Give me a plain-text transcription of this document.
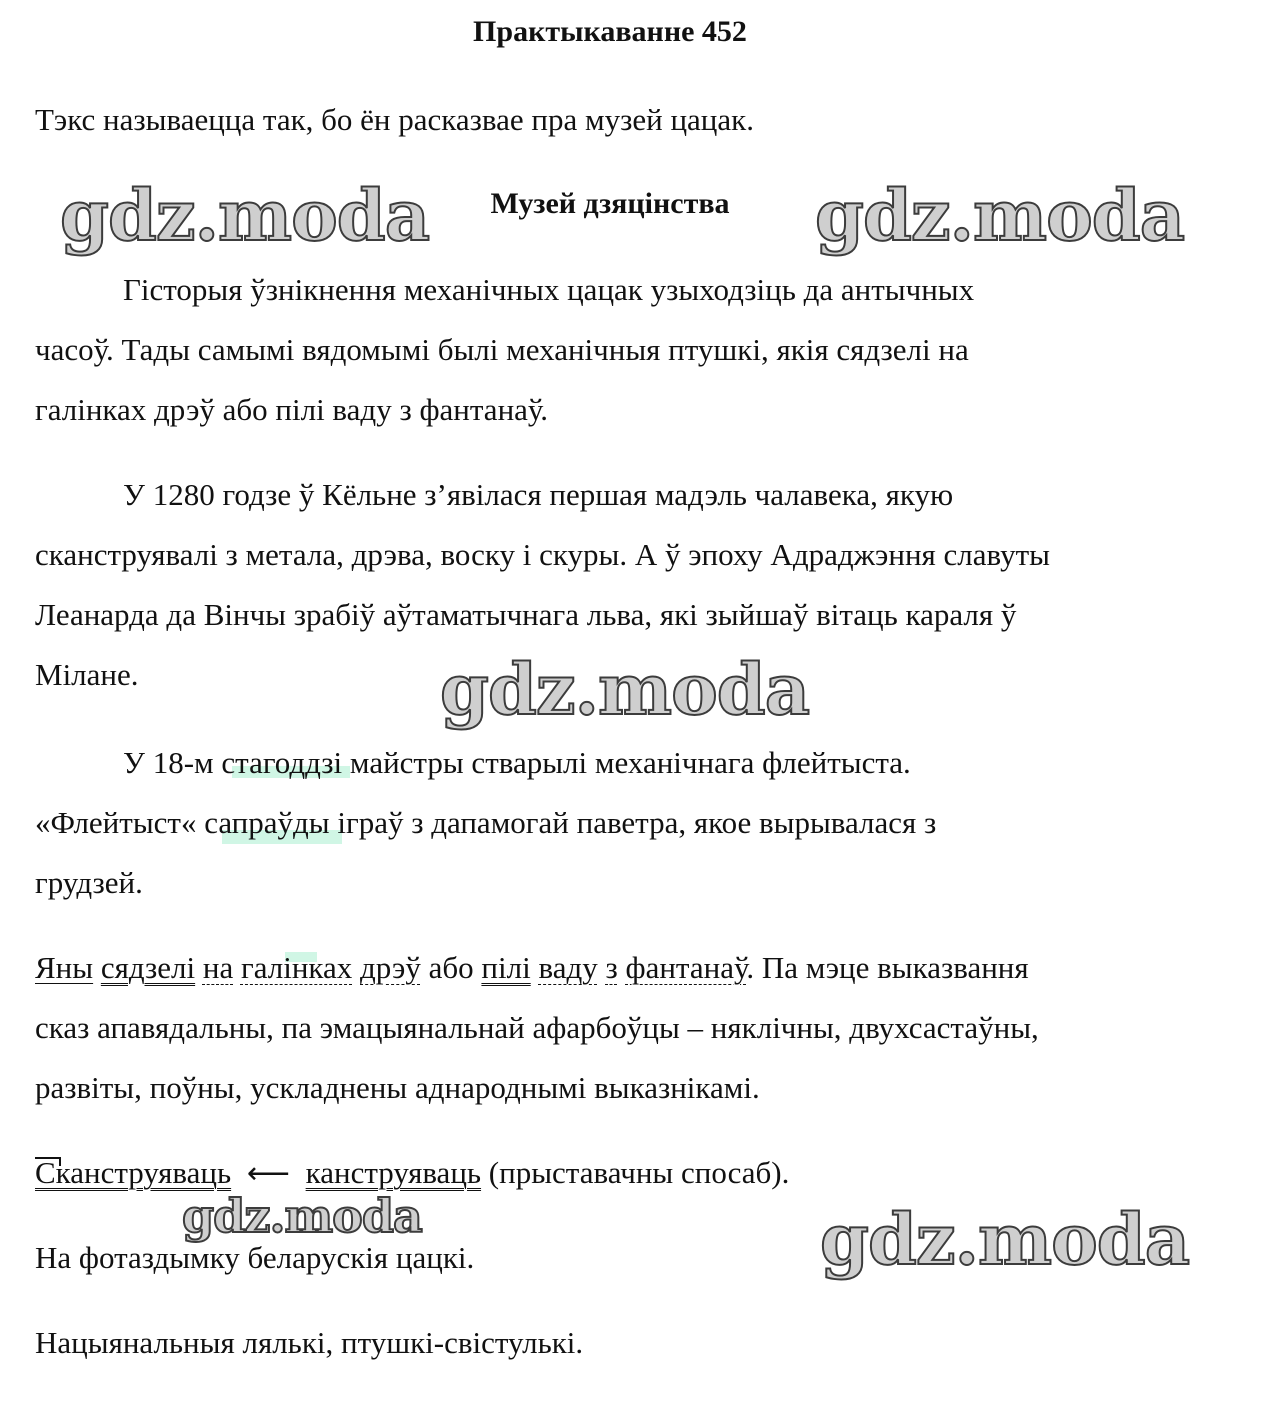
Практыкаванне 452
Тэкс называецца так, бо ён расказвае пра музей цацак.
gdz.moda	Музей дзяцінства	gdz.moda
Гісторыя ўзнікнення механічных цацак узыходзіць да антычных
часоў. Тады самымі вядомымі былі механічныя птушкі, якія сядзелі на
галінках дрэў або пілі ваду з фантанаў.
У 1280 годзе ў Кёльне з’явілася першая мадэль чалавека, якую
сканструявалі з метала, дрэва, воску і скуры. А ў эпоху Адраджэння славуты
Леанарда да Вінчы зрабіў аўтаматычнага льва, які зыйшаў вітаць караля ў
Мілане.	gdz.moda
У 18-м стагоддзі майстры стварылі механічнага флейтыста.
«Флейтыст« сапраўды іграў з дапамогай паветра, якое вырывалася з
грудзей.
Яны сядзелі на галінках дрэў або пілі ваду з фантанаў. Па мэце выказвання
сказ апавядальны, па эмацыянальнай афарбоўцы – няклічны, двухсастаўны,
развіты, поўны, ускладнены аднароднымі выказнікамі.
Сканструяваць ⟵ канструяваць (прыставачны спосаб).
gdz.moda	gdz.moda
На фотаздымку беларускія цацкі.
Нацыянальныя лялькі, птушкі-свістулькі.
